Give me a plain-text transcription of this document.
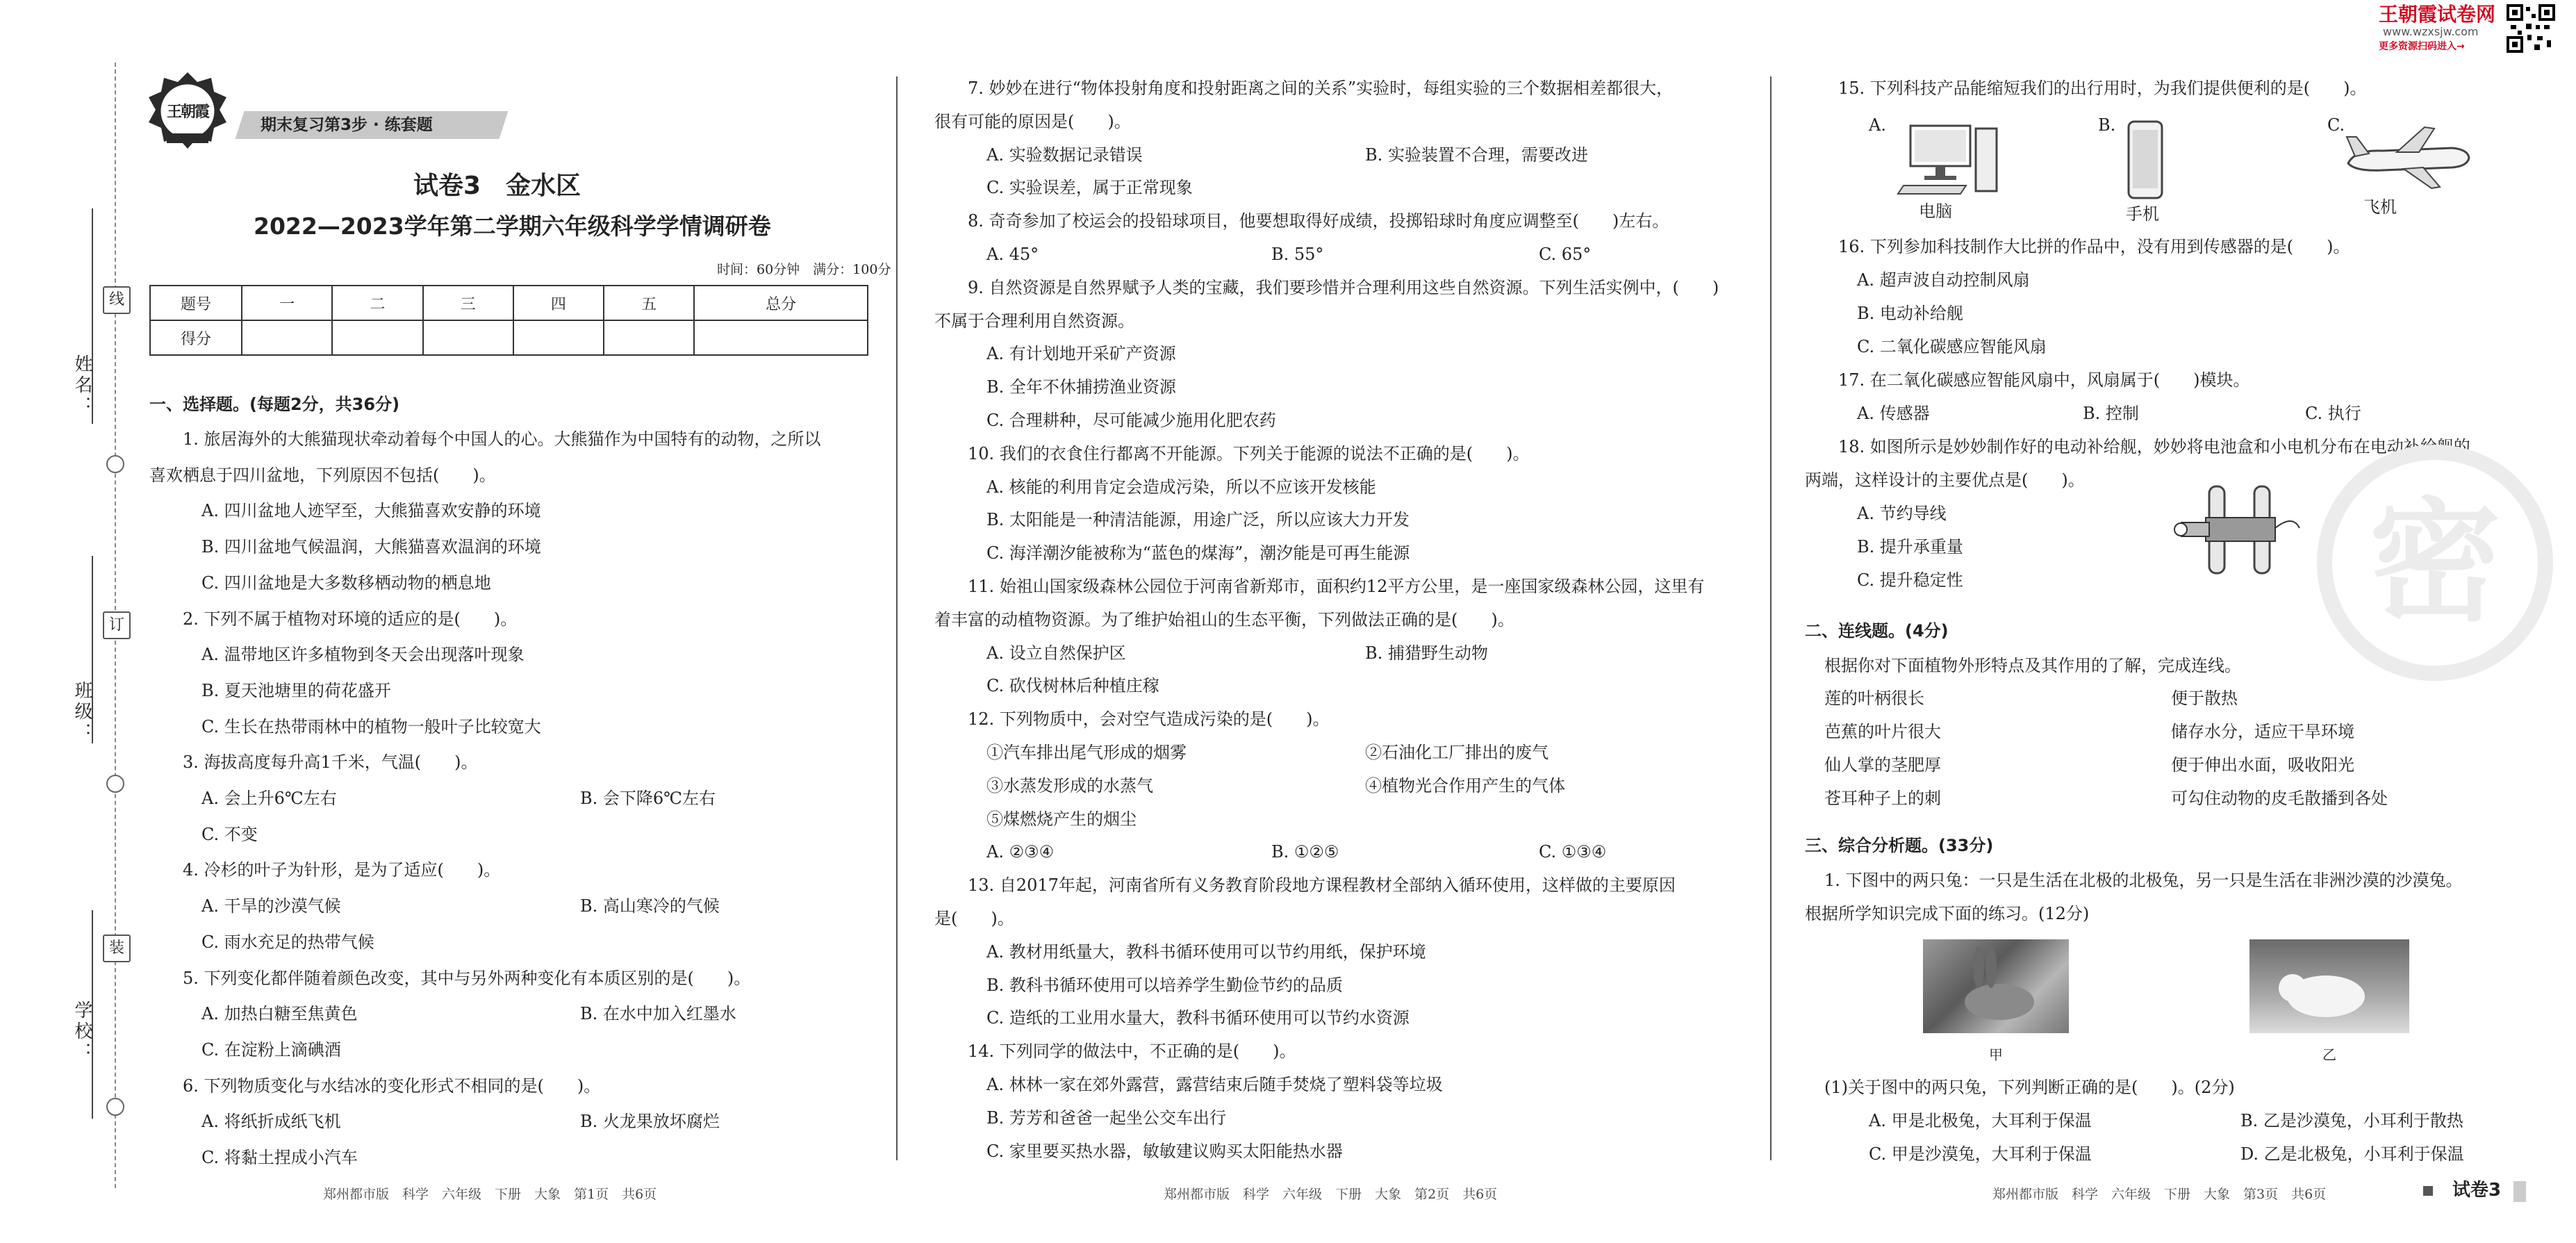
姓名：
班级：
学校：
线
订
装
王朝霞
期末复习第3步 · 练套题
试卷3　金水区
2022—2023学年第二学期六年级科学学情调研卷
时间：60分钟　满分：100分
题号	一	二	三	四	五	总分
得分						
一、选择题。(每题2分，共36分)
1. 旅居海外的大熊猫现状牵动着每个中国人的心。大熊猫作为中国特有的动物，之所以
喜欢栖息于四川盆地，下列原因不包括(　　)。
A. 四川盆地人迹罕至，大熊猫喜欢安静的环境
B. 四川盆地气候温润，大熊猫喜欢温润的环境
C. 四川盆地是大多数移栖动物的栖息地
2. 下列不属于植物对环境的适应的是(　　)。
A. 温带地区许多植物到冬天会出现落叶现象
B. 夏天池塘里的荷花盛开
C. 生长在热带雨林中的植物一般叶子比较宽大
3. 海拔高度每升高1千米，气温(　　)。
A. 会上升6℃左右	B. 会下降6℃左右
C. 不变
4. 冷杉的叶子为针形，是为了适应(　　)。
A. 干旱的沙漠气候	B. 高山寒冷的气候
C. 雨水充足的热带气候
5. 下列变化都伴随着颜色改变，其中与另外两种变化有本质区别的是(　　)。
A. 加热白糖至焦黄色	B. 在水中加入红墨水
C. 在淀粉上滴碘酒
6. 下列物质变化与水结冰的变化形式不相同的是(　　)。
A. 将纸折成纸飞机	B. 火龙果放坏腐烂
C. 将黏土捏成小汽车
7. 妙妙在进行“物体投射角度和投射距离之间的关系”实验时，每组实验的三个数据相差都很大，
很有可能的原因是(　　)。
A. 实验数据记录错误	B. 实验装置不合理，需要改进
C. 实验误差，属于正常现象
8. 奇奇参加了校运会的投铅球项目，他要想取得好成绩，投掷铅球时角度应调整至(　　)左右。
A. 45°	B. 55°	C. 65°
9. 自然资源是自然界赋予人类的宝藏，我们要珍惜并合理利用这些自然资源。下列生活实例中，(　　)
不属于合理利用自然资源。
A. 有计划地开采矿产资源
B. 全年不休捕捞渔业资源
C. 合理耕种，尽可能减少施用化肥农药
10. 我们的衣食住行都离不开能源。下列关于能源的说法不正确的是(　　)。
A. 核能的利用肯定会造成污染，所以不应该开发核能
B. 太阳能是一种清洁能源，用途广泛，所以应该大力开发
C. 海洋潮汐能被称为“蓝色的煤海”，潮汐能是可再生能源
11. 始祖山国家级森林公园位于河南省新郑市，面积约12平方公里，是一座国家级森林公园，这里有
着丰富的动植物资源。为了维护始祖山的生态平衡，下列做法正确的是(　　)。
A. 设立自然保护区	B. 捕猎野生动物
C. 砍伐树林后种植庄稼
12. 下列物质中，会对空气造成污染的是(　　)。
①汽车排出尾气形成的烟雾	②石油化工厂排出的废气
③水蒸发形成的水蒸气	④植物光合作用产生的气体
⑤煤燃烧产生的烟尘
A. ②③④	B. ①②⑤	C. ①③④
13. 自2017年起，河南省所有义务教育阶段地方课程教材全部纳入循环使用，这样做的主要原因
是(　　)。
A. 教材用纸量大，教科书循环使用可以节约用纸，保护环境
B. 教科书循环使用可以培养学生勤俭节约的品质
C. 造纸的工业用水量大，教科书循环使用可以节约水资源
14. 下列同学的做法中，不正确的是(　　)。
A. 林林一家在郊外露营，露营结束后随手焚烧了塑料袋等垃圾
B. 芳芳和爸爸一起坐公交车出行
C. 家里要买热水器，敏敏建议购买太阳能热水器
15. 下列科技产品能缩短我们的出行用时，为我们提供便利的是(　　)。
16. 下列参加科技制作大比拼的作品中，没有用到传感器的是(　　)。
A. 超声波自动控制风扇
B. 电动补给舰
C. 二氧化碳感应智能风扇
17. 在二氧化碳感应智能风扇中，风扇属于(　　)模块。
A. 传感器	B. 控制	C. 执行
18. 如图所示是妙妙制作好的电动补给舰，妙妙将电池盒和小电机分布在电动补给舰的
两端，这样设计的主要优点是(　　)。
A. 节约导线
B. 提升承重量
C. 提升稳定性
A.
电脑
B.
手机
C.
飞机
二、连线题。(4分)
根据你对下面植物外形特点及其作用的了解，完成连线。
莲的叶柄很长
芭蕉的叶片很大
仙人掌的茎肥厚
苍耳种子上的刺
便于散热
储存水分，适应干旱环境
便于伸出水面，吸收阳光
可勾住动物的皮毛散播到各处
三、综合分析题。(33分)
1. 下图中的两只兔：一只是生活在北极的北极兔，另一只是生活在非洲沙漠的沙漠兔。
根据所学知识完成下面的练习。(12分)
甲	乙
(1)关于图中的两只兔，下列判断正确的是(　　)。(2分)
A. 甲是北极兔，大耳利于保温	B. 乙是沙漠兔，小耳利于散热
C. 甲是沙漠兔，大耳利于保温	D. 乙是北极兔，小耳利于保温
郑州都市版　科学　六年级　下册　大象　第1页　共6页	郑州都市版　科学　六年级　下册　大象　第2页　共6页	郑州都市版　科学　六年级　下册　大象　第3页　共6页	试卷3
王朝霞试卷网
www.wzxsjw.com
更多资源扫码进入→
密
